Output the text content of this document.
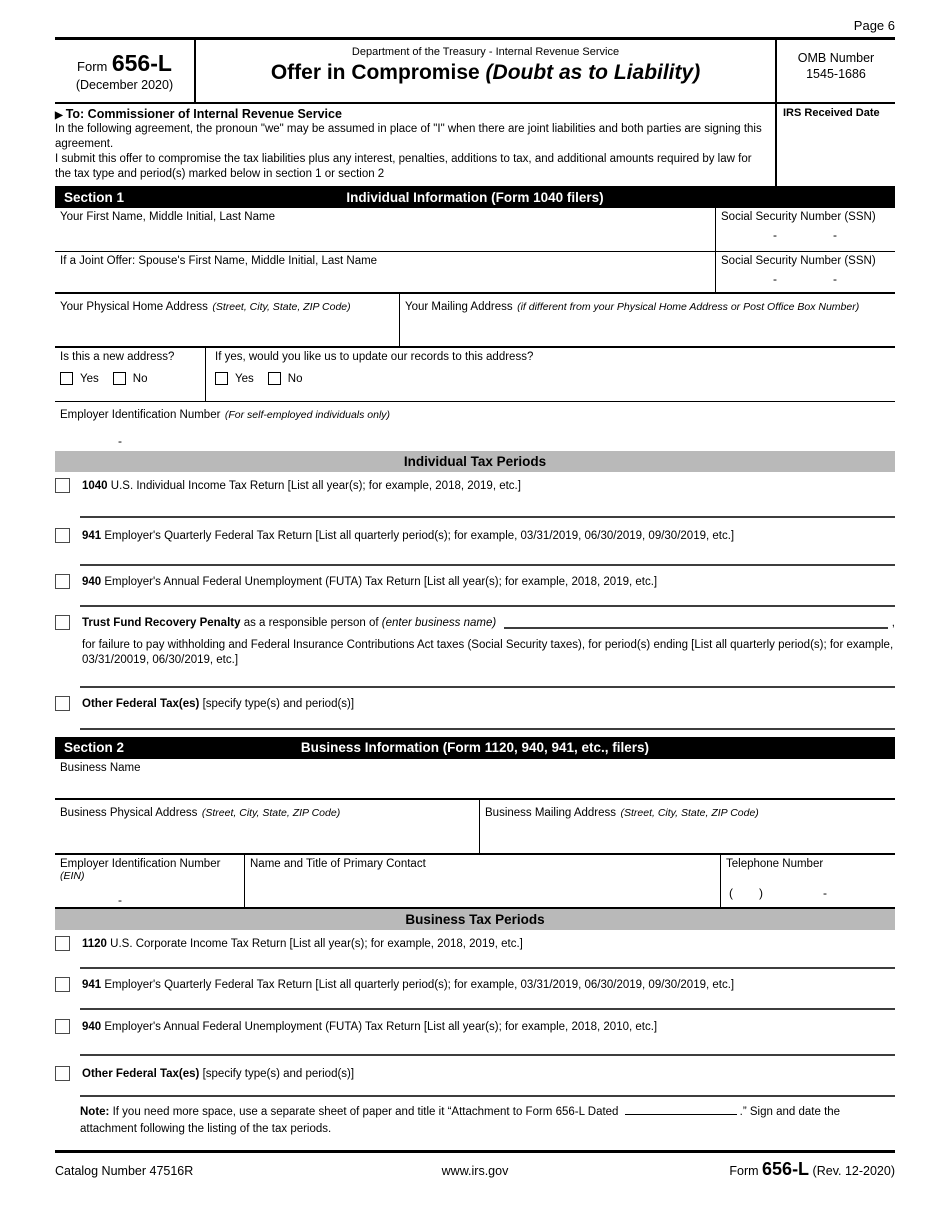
Page 6
Form 656-L
(December 2020)
Department of the Treasury - Internal Revenue Service
Offer in Compromise (Doubt as to Liability)
OMB Number
1545-1686
▶ To: Commissioner of Internal Revenue Service
In the following agreement, the pronoun "we" may be assumed in place of "I" when there are joint liabilities and both parties are signing this agreement.
I submit this offer to compromise the tax liabilities plus any interest, penalties, additions to tax, and additional amounts required by law for the tax type and period(s) marked below in section 1 or section 2
IRS Received Date
Individual Information (Form 1040 filers)
Section 1
Your First Name, Middle Initial, Last Name	Social Security Number (SSN)
-	-
If a Joint Offer: Spouse's First Name, Middle Initial, Last Name	Social Security Number (SSN)
-	-
Your Physical Home Address (Street, City, State, ZIP Code)	Your Mailing Address (if different from your Physical Home Address or Post Office Box Number)
Is this a new address?
Yes	No
If yes, would you like us to update our records to this address?
Yes	No
Employer Identification Number (For self-employed individuals only)
-
Individual Tax Periods
1040 U.S. Individual Income Tax Return [List all year(s); for example, 2018, 2019, etc.]
941 Employer's Quarterly Federal Tax Return [List all quarterly period(s); for example, 03/31/2019, 06/30/2019, 09/30/2019, etc.]
940 Employer's Annual Federal Unemployment (FUTA) Tax Return [List all year(s); for example, 2018, 2019, etc.]
Trust Fund Recovery Penalty as a responsible person of (enter business name)	,
for failure to pay withholding and Federal Insurance Contributions Act taxes (Social Security taxes), for period(s) ending [List all quarterly period(s); for example, 03/31/20019, 06/30/2019, etc.]
Other Federal Tax(es) [specify type(s) and period(s)]
Business Information (Form 1120, 940, 941, etc., filers)
Section 2
Business Name
Business Physical Address (Street, City, State, ZIP Code)	Business Mailing Address (Street, City, State, ZIP Code)
Employer Identification Number
(EIN)
-
Name and Title of Primary Contact	Telephone Number
( )	-
Business Tax Periods
1120 U.S. Corporate Income Tax Return [List all year(s); for example, 2018, 2019, etc.]
941 Employer's Quarterly Federal Tax Return [List all quarterly period(s); for example, 03/31/2019, 06/30/2019, 09/30/2019, etc.]
940 Employer's Annual Federal Unemployment (FUTA) Tax Return [List all year(s); for example, 2018, 2010, etc.]
Other Federal Tax(es) [specify type(s) and period(s)]
Note: If you need more space, use a separate sheet of paper and title it “Attachment to Form 656-L Dated	.” Sign and date the attachment following the listing of the tax periods.
Catalog Number 47516R	www.irs.gov	Form 656-L (Rev. 12-2020)
